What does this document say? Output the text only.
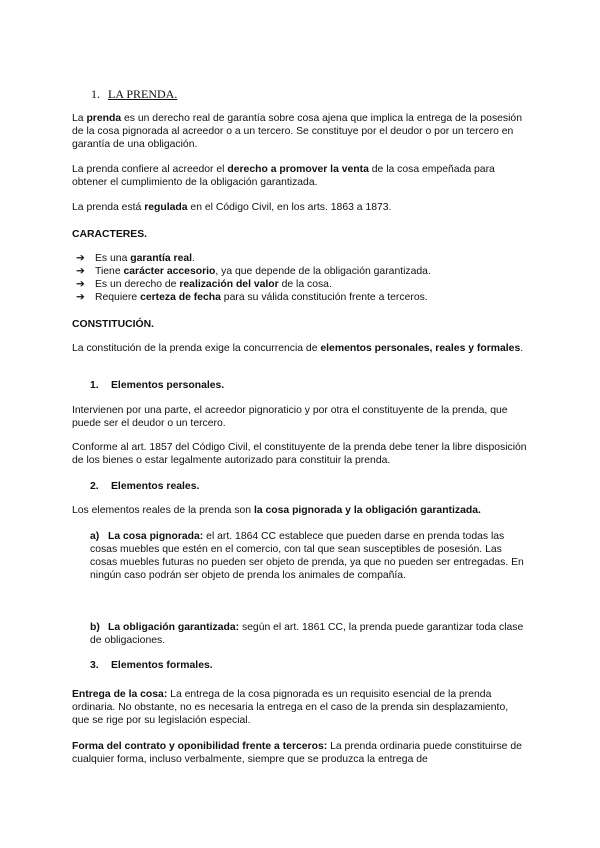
1. LA PRENDA.

La prenda es un derecho real de garantía sobre cosa ajena que implica la entrega de la posesión de la cosa pignorada al acreedor o a un tercero. Se constituye por el deudor o por un tercero en garantía de una obligación.

La prenda confiere al acreedor el derecho a promover la venta de la cosa empeñada para obtener el cumplimiento de la obligación garantizada.

La prenda está regulada en el Código Civil, en los arts. 1863 a 1873.

CARACTERES.
➔ Es una garantía real.
➔ Tiene carácter accesorio, ya que depende de la obligación garantizada.
➔ Es un derecho de realización del valor de la cosa.
➔ Requiere certeza de fecha para su válida constitución frente a terceros.
CONSTITUCIÓN.

La constitución de la prenda exige la concurrencia de elementos personales, reales y formales.

1. Elementos personales.

Intervienen por una parte, el acreedor pignoraticio y por otra el constituyente de la prenda, que puede ser el deudor o un tercero.

Conforme al art. 1857 del Código Civil, el constituyente de la prenda debe tener la libre disposición de los bienes o estar legalmente autorizado para constituir la prenda.

2. Elementos reales.

Los elementos reales de la prenda son la cosa pignorada y la obligación garantizada.

a) La cosa pignorada: el art. 1864 CC establece que pueden darse en prenda todas las cosas muebles que estén en el comercio, con tal que sean susceptibles de posesión. Las cosas muebles futuras no pueden ser objeto de prenda, ya que no pueden ser entregadas. En ningún caso podrán ser objeto de prenda los animales de compañía.
b) La obligación garantizada: según el art. 1861 CC, la prenda puede garantizar toda clase de obligaciones.
3. Elementos formales.

Entrega de la cosa: La entrega de la cosa pignorada es un requisito esencial de la prenda ordinaria. No obstante, no es necesaria la entrega en el caso de la prenda sin desplazamiento, que se rige por su legislación especial.

Forma del contrato y oponibilidad frente a terceros: La prenda ordinaria puede constituirse de cualquier forma, incluso verbalmente, siempre que se produzca la entrega de
